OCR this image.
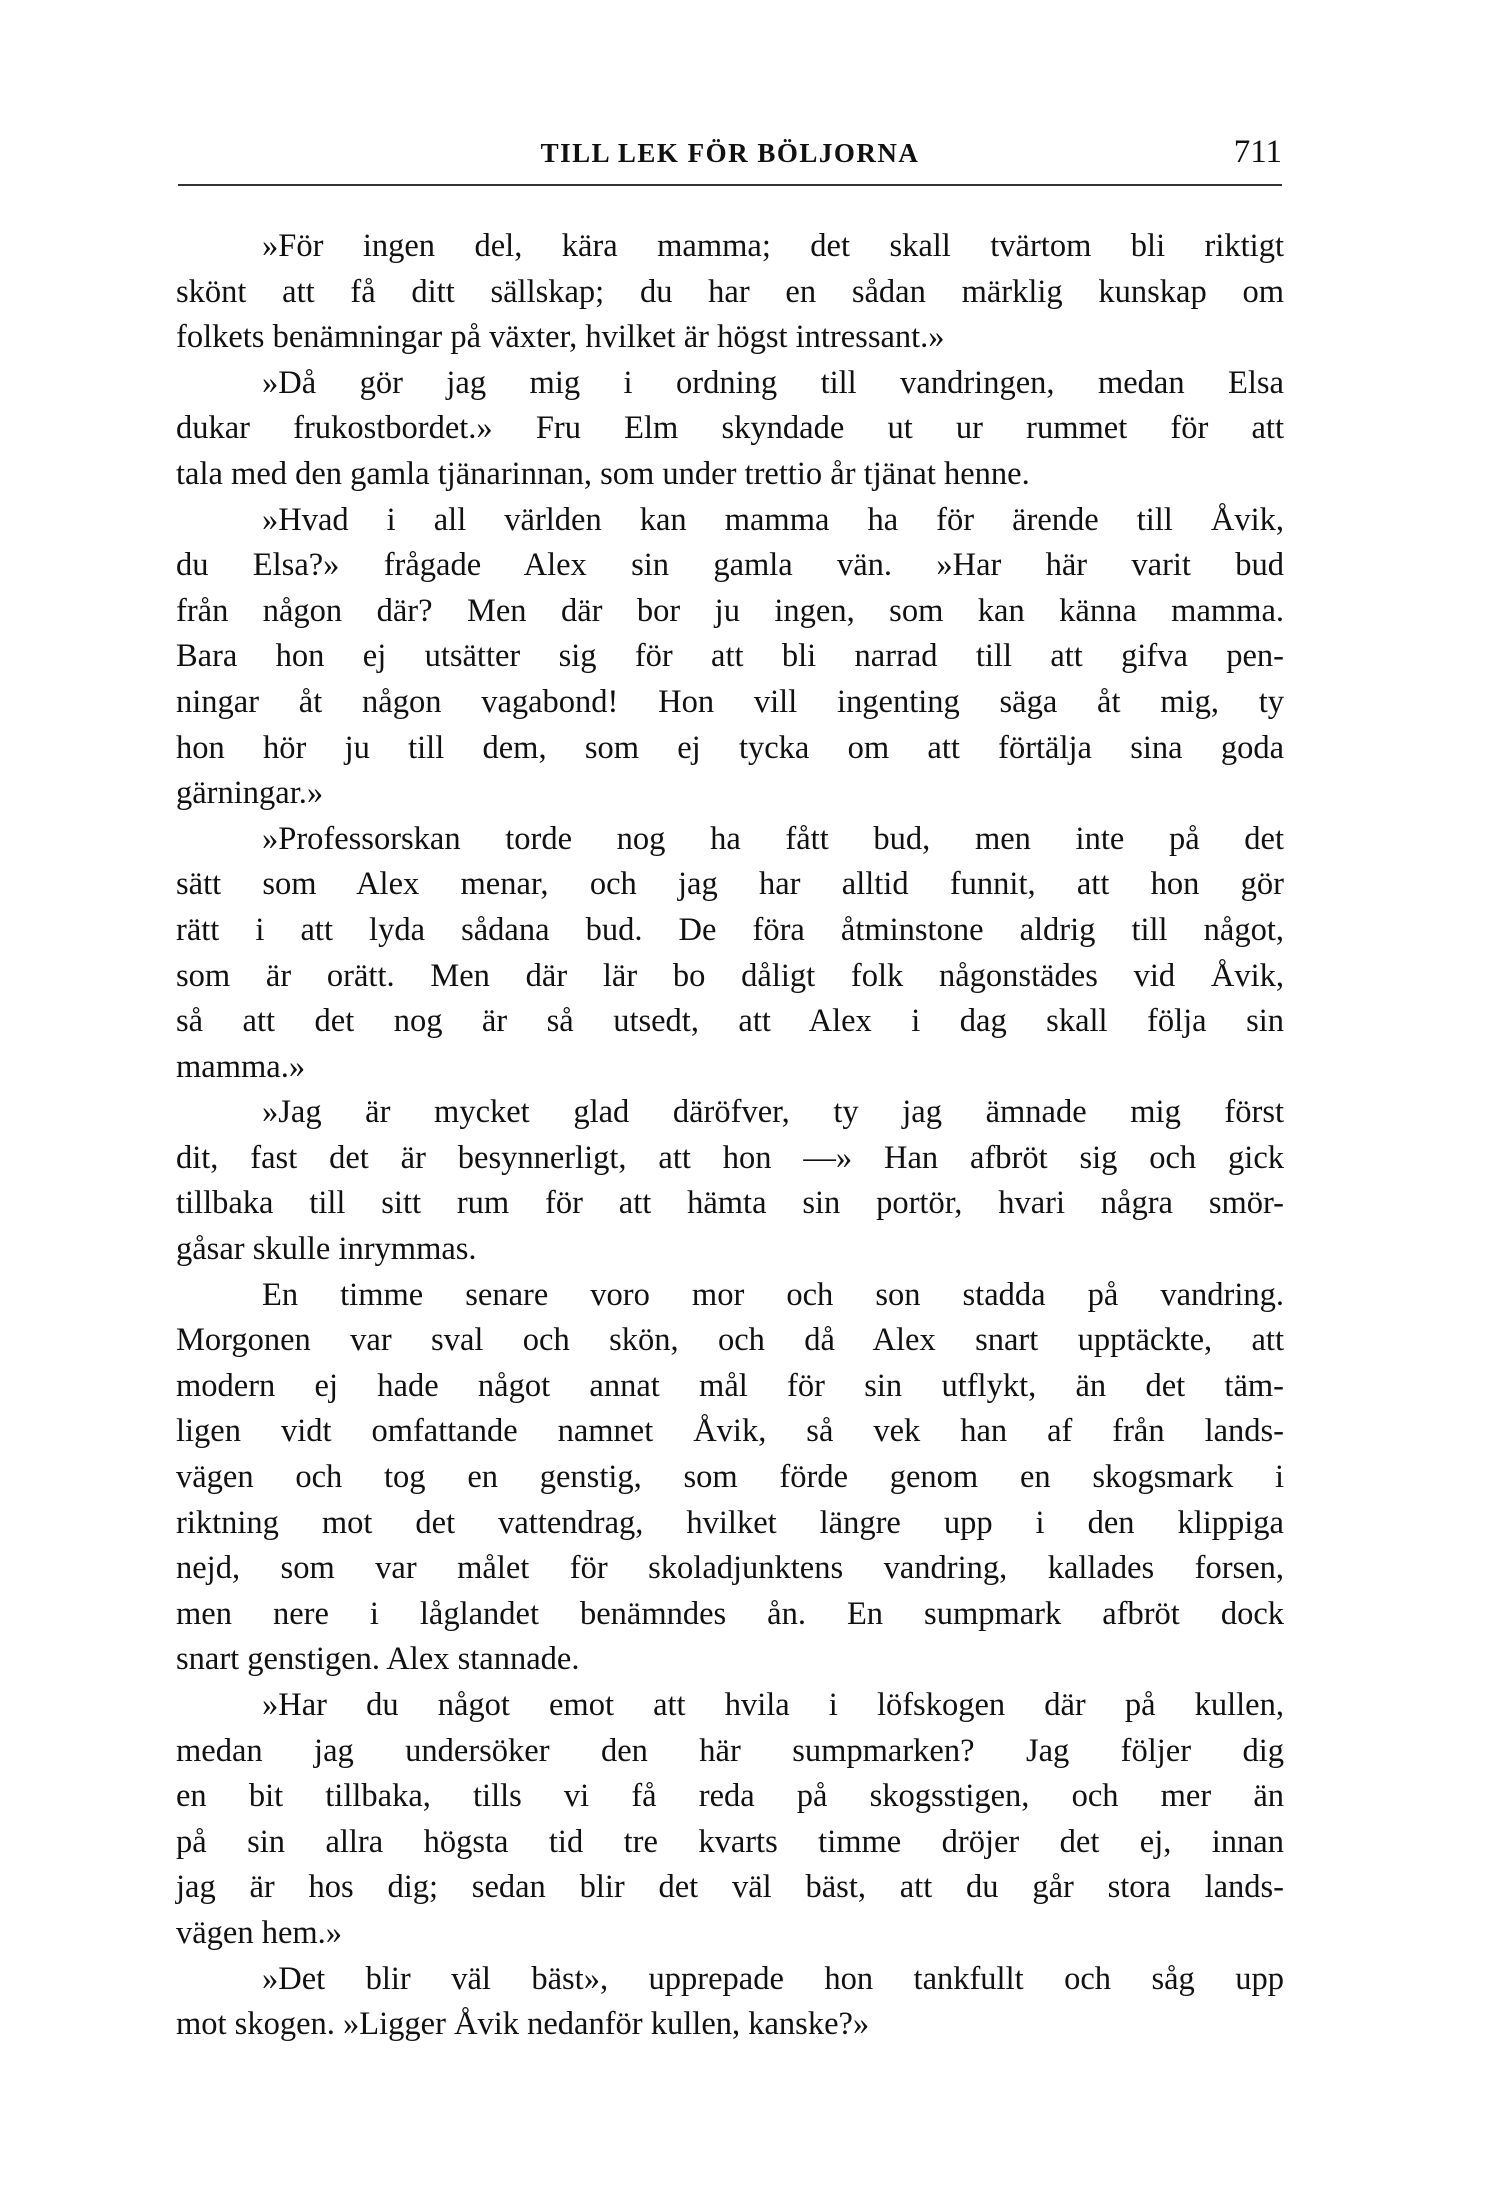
TILL LEK FÖR BÖLJORNA	711
»För ingen del, kära mamma; det skall tvärtom bli riktigt
skönt att få ditt sällskap; du har en sådan märklig kunskap om
folkets benämningar på växter, hvilket är högst intressant.»
»Då gör jag mig i ordning till vandringen, medan Elsa
dukar frukostbordet.» Fru Elm skyndade ut ur rummet för att
tala med den gamla tjänarinnan, som under trettio år tjänat henne.
»Hvad i all världen kan mamma ha för ärende till Åvik,
du Elsa?» frågade Alex sin gamla vän. »Har här varit bud
från någon där? Men där bor ju ingen, som kan känna mamma.
Bara hon ej utsätter sig för att bli narrad till att gifva pen-
ningar åt någon vagabond! Hon vill ingenting säga åt mig, ty
hon hör ju till dem, som ej tycka om att förtälja sina goda
gärningar.»
»Professorskan torde nog ha fått bud, men inte på det
sätt som Alex menar, och jag har alltid funnit, att hon gör
rätt i att lyda sådana bud. De föra åtminstone aldrig till något,
som är orätt. Men där lär bo dåligt folk någonstädes vid Åvik,
så att det nog är så utsedt, att Alex i dag skall följa sin
mamma.»
»Jag är mycket glad däröfver, ty jag ämnade mig först
dit, fast det är besynnerligt, att hon —» Han afbröt sig och gick
tillbaka till sitt rum för att hämta sin portör, hvari några smör-
gåsar skulle inrymmas.
En timme senare voro mor och son stadda på vandring.
Morgonen var sval och skön, och då Alex snart upptäckte, att
modern ej hade något annat mål för sin utflykt, än det täm-
ligen vidt omfattande namnet Åvik, så vek han af från lands-
vägen och tog en genstig, som förde genom en skogsmark i
riktning mot det vattendrag, hvilket längre upp i den klippiga
nejd, som var målet för skoladjunktens vandring, kallades forsen,
men nere i låglandet benämndes ån. En sumpmark afbröt dock
snart genstigen. Alex stannade.
»Har du något emot att hvila i löfskogen där på kullen,
medan jag undersöker den här sumpmarken? Jag följer dig
en bit tillbaka, tills vi få reda på skogsstigen, och mer än
på sin allra högsta tid tre kvarts timme dröjer det ej, innan
jag är hos dig; sedan blir det väl bäst, att du går stora lands-
vägen hem.»
»Det blir väl bäst», upprepade hon tankfullt och såg upp
mot skogen. »Ligger Åvik nedanför kullen, kanske?»
